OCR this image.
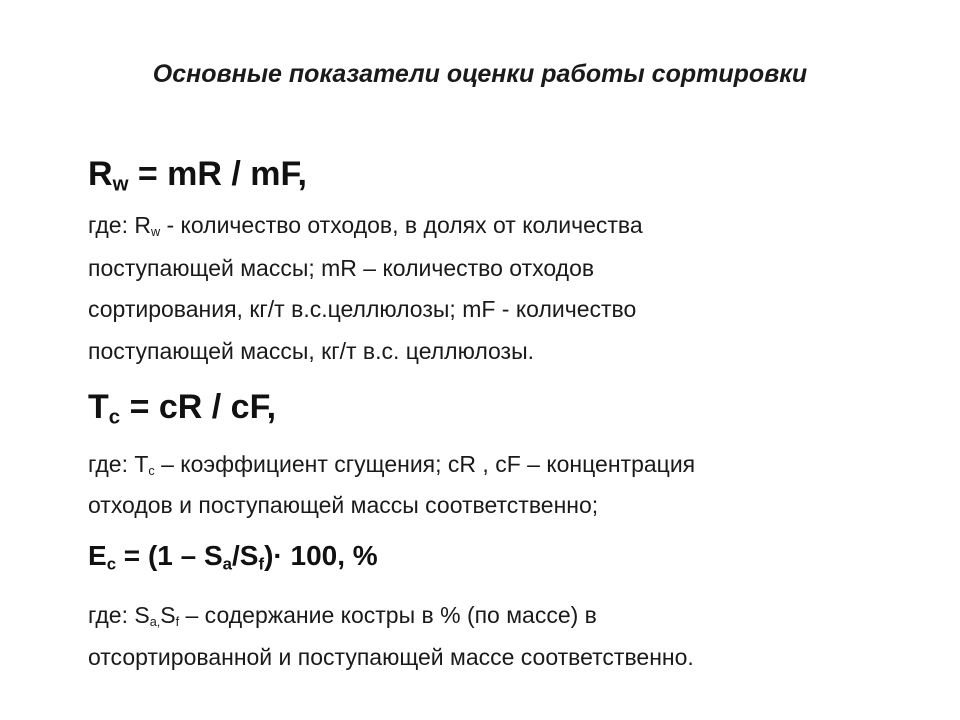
Основные показатели оценки работы сортировки
Rw = mR / mF,
где: $R_w$ - количество отходов, в долях от количества
поступающей массы; mR – количество отходов
сортирования, кг/т в.с.целлюлозы; mF - количество
поступающей массы, кг/т в.с. целлюлозы.
Tc = cR / cF,
где: $T_c$ – коэффициент сгущения; cR , cF – концентрация
отходов и поступающей массы соответственно;
Ec = (1 – Sa/Sf)· 100, %
где: $S_{a,}S_f$ – содержание костры в % (по массе) в
отсортированной и поступающей массе соответственно.
